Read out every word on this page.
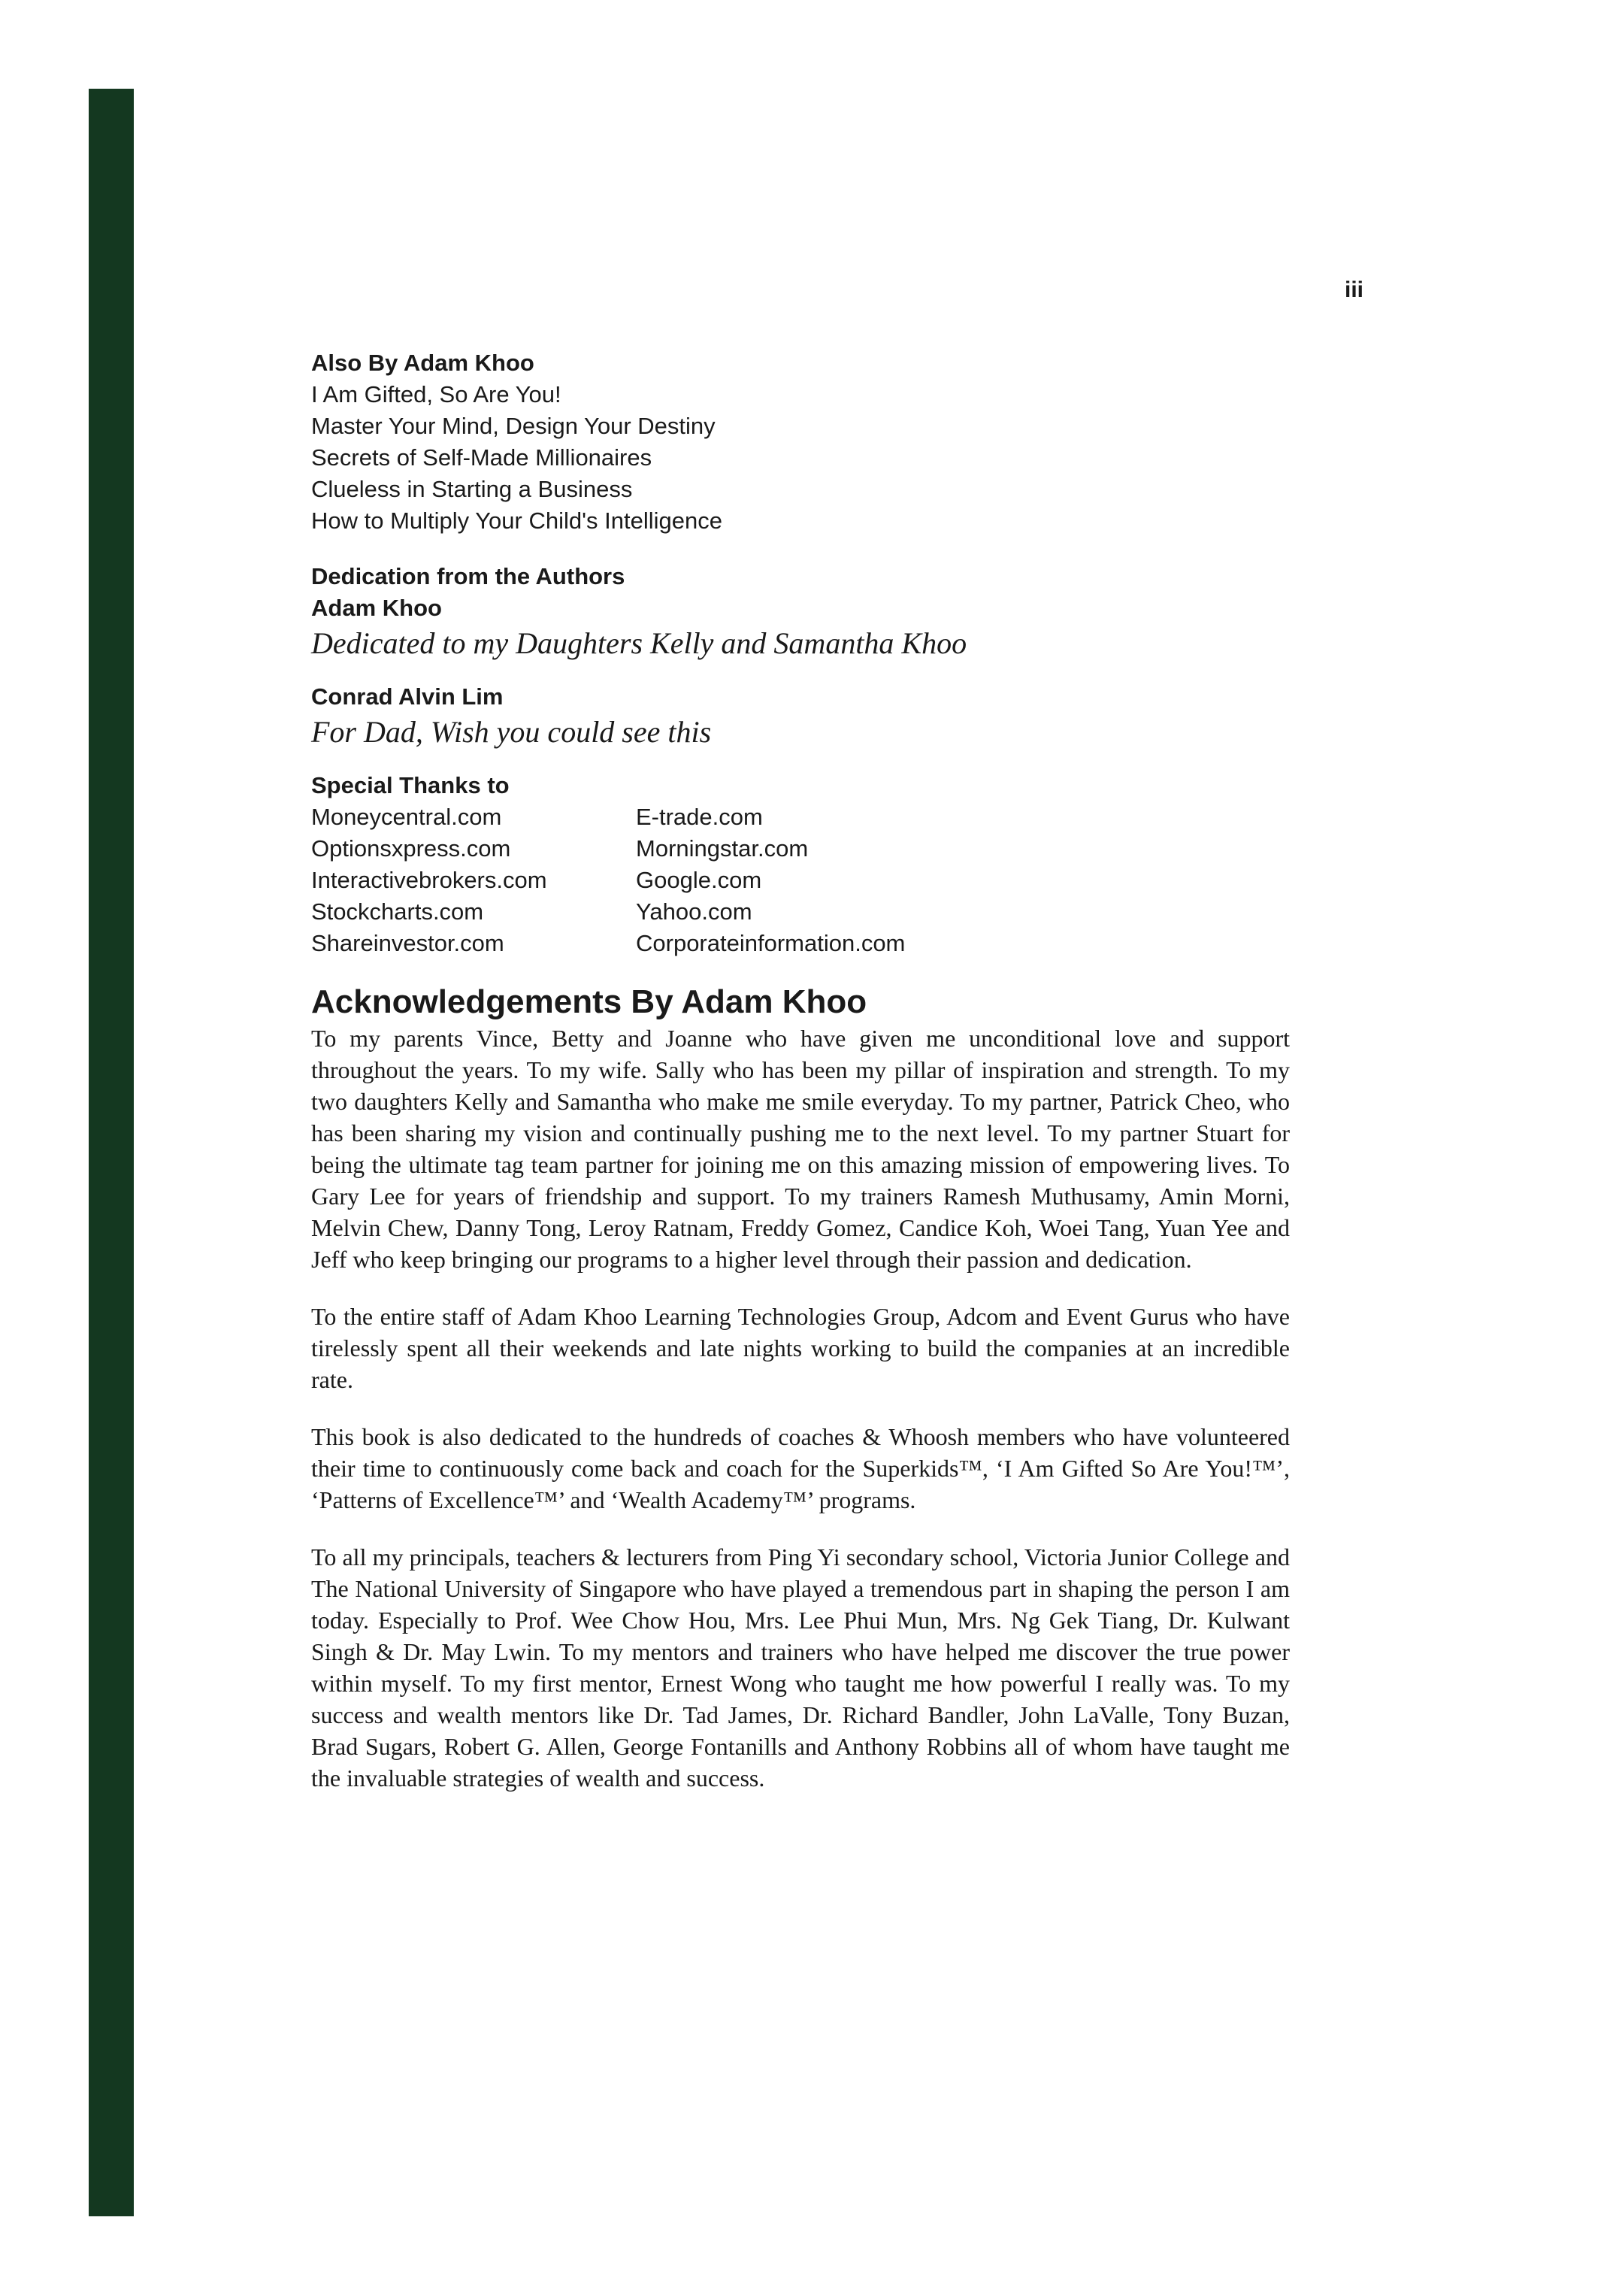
iii
Also By Adam Khoo

I Am Gifted, So Are You!

Master Your Mind, Design Your Destiny

Secrets of Self-Made Millionaires

Clueless in Starting a Business

How to Multiply Your Child's Intelligence

Dedication from the Authors
Adam Khoo

Dedicated to my Daughters Kelly and Samantha Khoo

Conrad Alvin Lim

For Dad, Wish you could see this

Special Thanks to

Moneycentral.com	E-trade.com

Optionsxpress.com	Morningstar.com

Interactivebrokers.com	Google.com

Stockcharts.com	Yahoo.com

Shareinvestor.com	Corporateinformation.com

Acknowledgements By Adam Khoo

To my parents Vince, Betty and Joanne who have given me unconditional love and support throughout the years. To my wife. Sally who has been my pillar of inspiration and strength. To my two daughters Kelly and Samantha who make me smile everyday. To my partner, Patrick Cheo, who has been sharing my vision and continually pushing me to the next level. To my partner Stuart for being the ultimate tag team partner for joining me on this amazing mission of empowering lives. To Gary Lee for years of friendship and support. To my trainers Ramesh Muthusamy, Amin Morni, Melvin Chew, Danny Tong, Leroy Ratnam, Freddy Gomez, Candice Koh, Woei Tang, Yuan Yee and Jeff who keep bringing our programs to a higher level through their passion and dedication.

To the entire staff of Adam Khoo Learning Technologies Group, Adcom and Event Gurus who have tirelessly spent all their weekends and late nights working to build the companies at an incredible rate.

This book is also dedicated to the hundreds of coaches & Whoosh members who have volunteered their time to continuously come back and coach for the Superkids™, ‘I Am Gifted So Are You!™’, ‘Patterns of Excellence™’ and ‘Wealth Academy™’ programs.

To all my principals, teachers & lecturers from Ping Yi secondary school, Victoria Junior College and The National University of Singapore who have played a tremendous part in shaping the person I am today. Especially to Prof. Wee Chow Hou, Mrs. Lee Phui Mun, Mrs. Ng Gek Tiang, Dr. Kulwant Singh & Dr. May Lwin. To my mentors and trainers who have helped me discover the true power within myself. To my first mentor, Ernest Wong who taught me how powerful I really was. To my success and wealth mentors like Dr. Tad James, Dr. Richard Bandler, John LaValle, Tony Buzan, Brad Sugars, Robert G. Allen, George Fontanills and Anthony Robbins all of whom have taught me the invaluable strategies of wealth and success.
